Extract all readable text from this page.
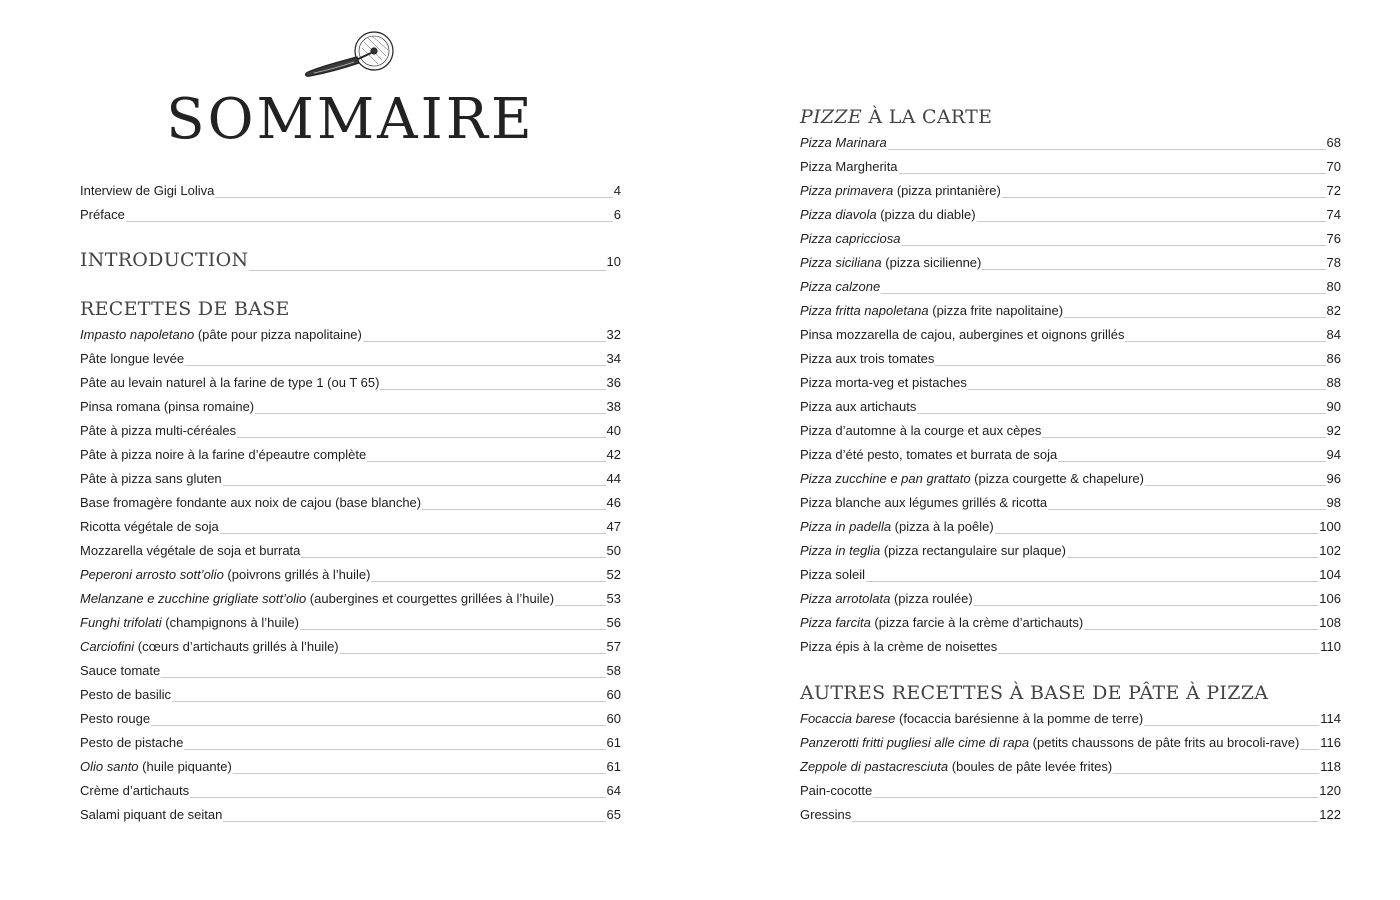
SOMMAIRE
Interview de Gigi Loliva	4
Préface	6
INTRODUCTION	10
RECETTES DE BASE
Impasto napoletano (pâte pour pizza napolitaine)	32
Pâte longue levée	34
Pâte au levain naturel à la farine de type 1 (ou T 65)	36
Pinsa romana (pinsa romaine)	38
Pâte à pizza multi-céréales	40
Pâte à pizza noire à la farine d’épeautre complète	42
Pâte à pizza sans gluten	44
Base fromagère fondante aux noix de cajou (base blanche)	46
Ricotta végétale de soja	47
Mozzarella végétale de soja et burrata	50
Peperoni arrosto sott’olio (poivrons grillés à l’huile)	52
Melanzane e zucchine grigliate sott’olio (aubergines et courgettes grillées à l’huile)	53
Funghi trifolati (champignons à l’huile)	56
Carciofini (cœurs d’artichauts grillés à l’huile)	57
Sauce tomate	58
Pesto de basilic	60
Pesto rouge	60
Pesto de pistache	61
Olio santo (huile piquante)	61
Crème d’artichauts	64
Salami piquant de seitan	65
PIZZE À LA CARTE
Pizza Marinara	68
Pizza Margherita	70
Pizza primavera (pizza printanière)	72
Pizza diavola (pizza du diable)	74
Pizza capricciosa	76
Pizza siciliana (pizza sicilienne)	78
Pizza calzone	80
Pizza fritta napoletana (pizza frite napolitaine)	82
Pinsa mozzarella de cajou, aubergines et oignons grillés	84
Pizza aux trois tomates	86
Pizza morta-veg et pistaches	88
Pizza aux artichauts	90
Pizza d’automne à la courge et aux cèpes	92
Pizza d’été pesto, tomates et burrata de soja	94
Pizza zucchine e pan grattato (pizza courgette & chapelure)	96
Pizza blanche aux légumes grillés & ricotta	98
Pizza in padella (pizza à la poêle)	100
Pizza in teglia (pizza rectangulaire sur plaque)	102
Pizza soleil	104
Pizza arrotolata (pizza roulée)	106
Pizza farcita (pizza farcie à la crème d’artichauts)	108
Pizza épis à la crème de noisettes	110
AUTRES RECETTES À BASE DE PÂTE À PIZZA
Focaccia barese (focaccia barésienne à la pomme de terre)	114
Panzerotti fritti pugliesi alle cime di rapa (petits chaussons de pâte frits au brocoli-rave) 116
Zeppole di pastacresciuta (boules de pâte levée frites)	118
Pain-cocotte	120
Gressins	122
